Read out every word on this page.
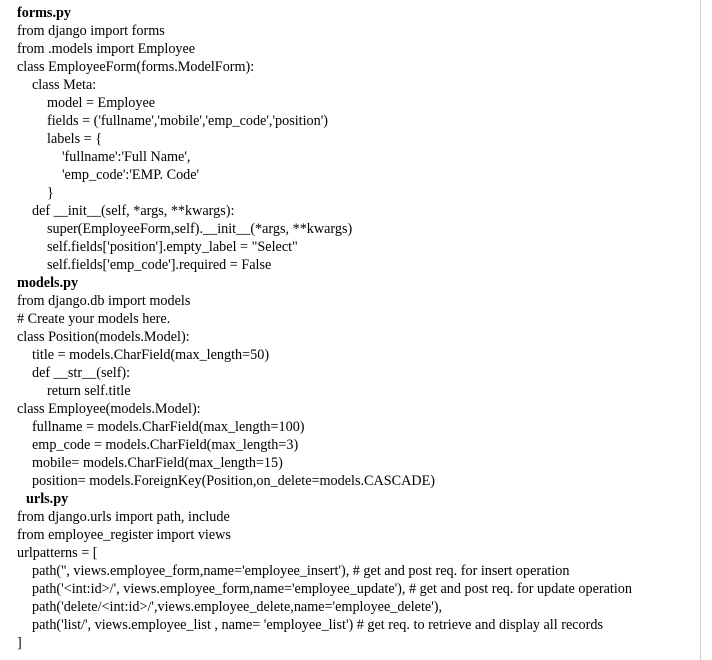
forms.py
from django import forms
from .models import Employee
class EmployeeForm(forms.ModelForm):
class Meta:
model = Employee
fields = ('fullname','mobile','emp_code','position')
labels = {
'fullname':'Full Name',
'emp_code':'EMP. Code'
}
def __init__(self, *args, **kwargs):
super(EmployeeForm,self).__init__(*args, **kwargs)
self.fields['position'].empty_label = "Select"
self.fields['emp_code'].required = False
models.py
from django.db import models
# Create your models here.
class Position(models.Model):
title = models.CharField(max_length=50)
def __str__(self):
return self.title
class Employee(models.Model):
fullname = models.CharField(max_length=100)
emp_code = models.CharField(max_length=3)
mobile= models.CharField(max_length=15)
position= models.ForeignKey(Position,on_delete=models.CASCADE)
urls.py
from django.urls import path, include
from employee_register import views
urlpatterns = [
path('', views.employee_form,name='employee_insert'), # get and post req. for insert operation
path('<int:id>/', views.employee_form,name='employee_update'), # get and post req. for update operation
path('delete/<int:id>/',views.employee_delete,name='employee_delete'),
path('list/', views.employee_list , name= 'employee_list') # get req. to retrieve and display all records
]
